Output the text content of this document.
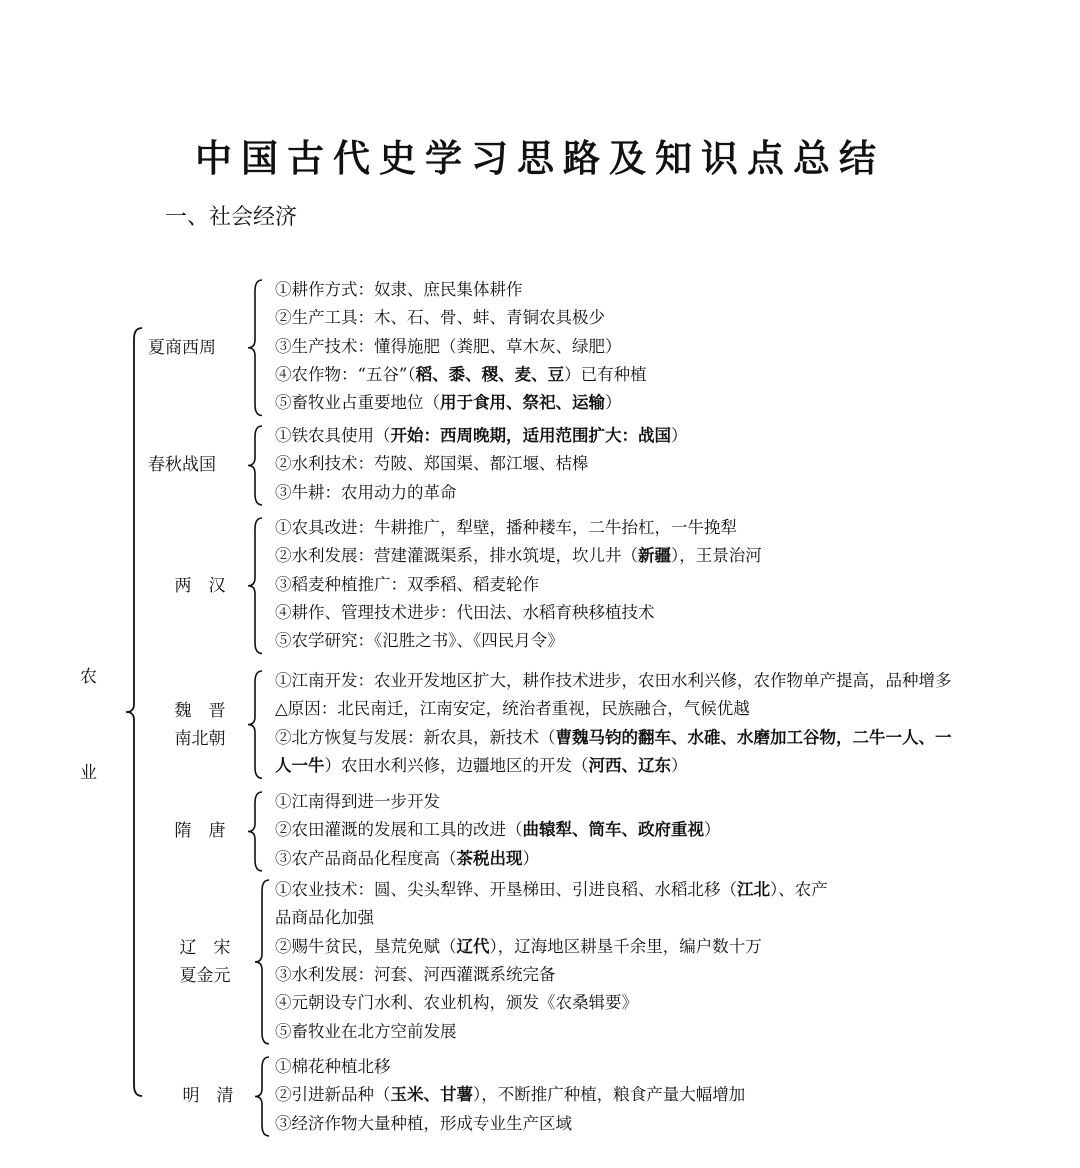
中国古代史学习思路及知识点总结
一、社会经济
农
业
①耕作方式：奴隶、庶民集体耕作
②生产工具：木、石、骨、蚌、青铜农具极少
③生产技术：懂得施肥（粪肥、草木灰、绿肥）
④农作物：“五谷”（稻、黍、稷、麦、豆）已有种植
⑤畜牧业占重要地位（用于食用、祭祀、运输）
夏商西周
①铁农具使用（开始：西周晚期，适用范围扩大：战国）
②水利技术：芍陂、郑国渠、都江堰、桔槔
③牛耕：农用动力的革命
春秋战国
①农具改进：牛耕推广，犁壁，播种耧车，二牛抬杠，一牛挽犁
②水利发展：营建灌溉渠系，排水筑堤，坎儿井（新疆），王景治河
③稻麦种植推广：双季稻、稻麦轮作
④耕作、管理技术进步：代田法、水稻育秧移植技术
⑤农学研究：《氾胜之书》、《四民月令》
两　汉
①江南开发：农业开发地区扩大，耕作技术进步，农田水利兴修，农作物单产提高，品种增多
△原因：北民南迁，江南安定，统治者重视，民族融合，气候优越
②北方恢复与发展：新农具，新技术（曹魏马钧的翻车、水碓、水磨加工谷物，二牛一人、一
人一牛）农田水利兴修，边疆地区的开发（河西、辽东）
魏　晋
南北朝
①江南得到进一步开发
②农田灌溉的发展和工具的改进（曲辕犁、筒车、政府重视）
③农产品商品化程度高（茶税出现）
隋　唐
①农业技术：圆、尖头犁铧、开垦梯田、引进良稻、水稻北移（江北）、农产
品商品化加强
②赐牛贫民，垦荒免赋（辽代），辽海地区耕垦千余里，编户数十万
③水利发展：河套、河西灌溉系统完备
④元朝设专门水利、农业机构，颁发《农桑辑要》
⑤畜牧业在北方空前发展
辽　宋
夏金元
①棉花种植北移
②引进新品种（玉米、甘薯），不断推广种植，粮食产量大幅增加
③经济作物大量种植，形成专业生产区域
明　清
